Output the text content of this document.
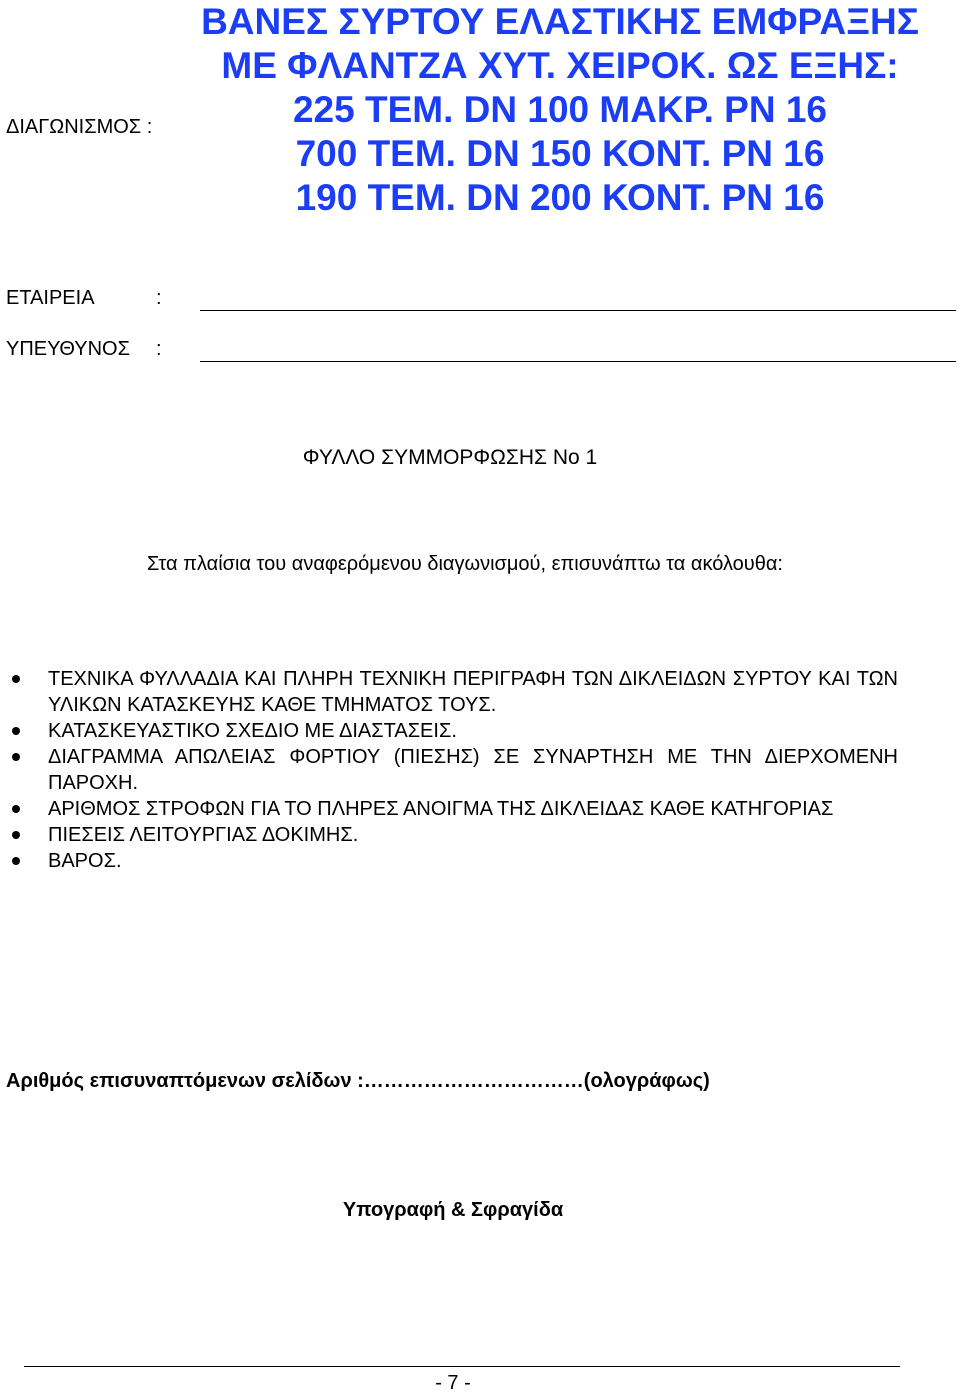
ΔΙΑΓΩΝΙΣΜΟΣ :
ΒΑΝΕΣ ΣΥΡΤΟΥ ΕΛΑΣΤΙΚΗΣ ΕΜΦΡΑΞΗΣ
ΜΕ ΦΛΑΝΤΖΑ ΧΥΤ. ΧΕΙΡΟΚ. ΩΣ ΕΞΗΣ:
225 ΤΕΜ. DN 100 ΜΑΚΡ. PN 16
700 ΤΕΜ. DN 150 ΚΟΝΤ. PN 16
190 ΤΕΜ. DN 200 ΚΟΝΤ. PN 16
ΕΤΑΙΡΕΙΑ	:
ΥΠΕΥΘΥΝΟΣ :
ΦΥΛΛΟ ΣΥΜΜΟΡΦΩΣΗΣ No 1
Στα πλαίσια του αναφερόμενου διαγωνισμού, επισυνάπτω τα ακόλουθα:
ΤΕΧΝΙΚΑ ΦΥΛΛΑΔΙΑ ΚΑΙ ΠΛΗΡΗ ΤΕΧΝΙΚΗ ΠΕΡΙΓΡΑΦΗ ΤΩΝ ΔΙΚΛΕΙΔΩΝ ΣΥΡΤΟΥ ΚΑΙ ΤΩΝ ΥΛΙΚΩΝ ΚΑΤΑΣΚΕΥΗΣ ΚΑΘΕ ΤΜΗΜΑΤΟΣ ΤΟΥΣ.
ΚΑΤΑΣΚΕΥΑΣΤΙΚΟ ΣΧΕΔΙΟ ΜΕ ΔΙΑΣΤΑΣΕΙΣ.
ΔΙΑΓΡΑΜΜΑ ΑΠΩΛΕΙΑΣ ΦΟΡΤΙΟΥ (ΠΙΕΣΗΣ) ΣΕ ΣΥΝΑΡΤΗΣΗ ΜΕ ΤΗΝ ΔΙΕΡΧΟΜΕΝΗ ΠΑΡΟΧΗ.
ΑΡΙΘΜΟΣ ΣΤΡΟΦΩΝ ΓΙΑ ΤΟ ΠΛΗΡΕΣ ΑΝΟΙΓΜΑ ΤΗΣ ΔΙΚΛΕΙΔΑΣ ΚΑΘΕ ΚΑΤΗΓΟΡΙΑΣ
ΠΙΕΣΕΙΣ ΛΕΙΤΟΥΡΓΙΑΣ ΔΟΚΙΜΗΣ.
ΒΑΡΟΣ.
Αριθμός επισυναπτόμενων σελίδων :……………………………(ολογράφως)
Υπογραφή & Σφραγίδα
- 7 -
